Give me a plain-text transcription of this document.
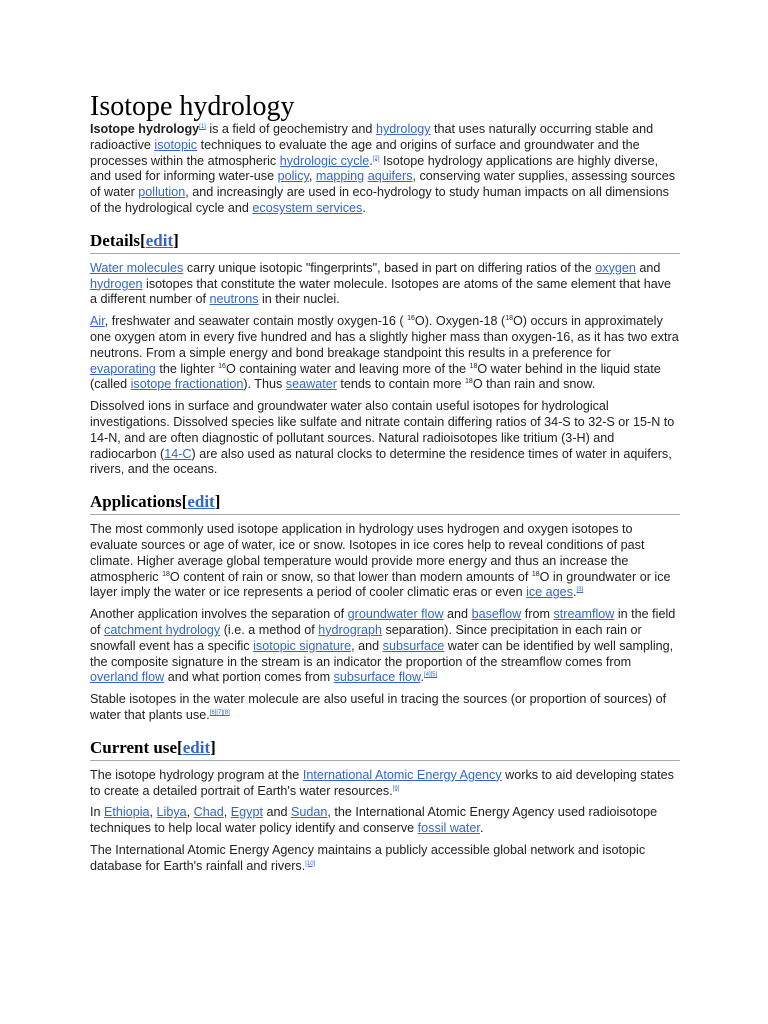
Isotope hydrology

Isotope hydrology[1] is a field of geochemistry and hydrology that uses naturally occurring stable and radioactive isotopic techniques to evaluate the age and origins of surface and groundwater and the processes within the atmospheric hydrologic cycle.[2] Isotope hydrology applications are highly diverse, and used for informing water-use policy, mapping aquifers, conserving water supplies, assessing sources of water pollution, and increasingly are used in eco-hydrology to study human impacts on all dimensions of the hydrological cycle and ecosystem services.

Details[edit]

Water molecules carry unique isotopic "fingerprints", based in part on differing ratios of the oxygen and hydrogen isotopes that constitute the water molecule. Isotopes are atoms of the same element that have a different number of neutrons in their nuclei.

Air, freshwater and seawater contain mostly oxygen-16 ( $^{16}$O). Oxygen-18 ($^{18}$O) occurs in approximately one oxygen atom in every five hundred and has a slightly higher mass than oxygen-16, as it has two extra neutrons. From a simple energy and bond breakage standpoint this results in a preference for evaporating the lighter $^{16}$O containing water and leaving more of the $^{18}$O water behind in the liquid state (called isotope fractionation). Thus seawater tends to contain more $^{18}$O than rain and snow.

Dissolved ions in surface and groundwater water also contain useful isotopes for hydrological investigations. Dissolved species like sulfate and nitrate contain differing ratios of 34-S to 32-S or 15-N to 14-N, and are often diagnostic of pollutant sources. Natural radioisotopes like tritium (3-H) and radiocarbon (14-C) are also used as natural clocks to determine the residence times of water in aquifers, rivers, and the oceans.

Applications[edit]

The most commonly used isotope application in hydrology uses hydrogen and oxygen isotopes to evaluate sources or age of water, ice or snow. Isotopes in ice cores help to reveal conditions of past climate. Higher average global temperature would provide more energy and thus an increase the atmospheric $^{18}$O content of rain or snow, so that lower than modern amounts of $^{18}$O in groundwater or ice layer imply the water or ice represents a period of cooler climatic eras or even ice ages.[3]

Another application involves the separation of groundwater flow and baseflow from streamflow in the field of catchment hydrology (i.e. a method of hydrograph separation). Since precipitation in each rain or snowfall event has a specific isotopic signature, and subsurface water can be identified by well sampling, the composite signature in the stream is an indicator the proportion of the streamflow comes from overland flow and what portion comes from subsurface flow.[4][5]

Stable isotopes in the water molecule are also useful in tracing the sources (or proportion of sources) of water that plants use.[6][7][8]

Current use[edit]

The isotope hydrology program at the International Atomic Energy Agency works to aid developing states to create a detailed portrait of Earth's water resources.[9]

In Ethiopia, Libya, Chad, Egypt and Sudan, the International Atomic Energy Agency used radioisotope techniques to help local water policy identify and conserve fossil water.

The International Atomic Energy Agency maintains a publicly accessible global network and isotopic database for Earth's rainfall and rivers.[10]
